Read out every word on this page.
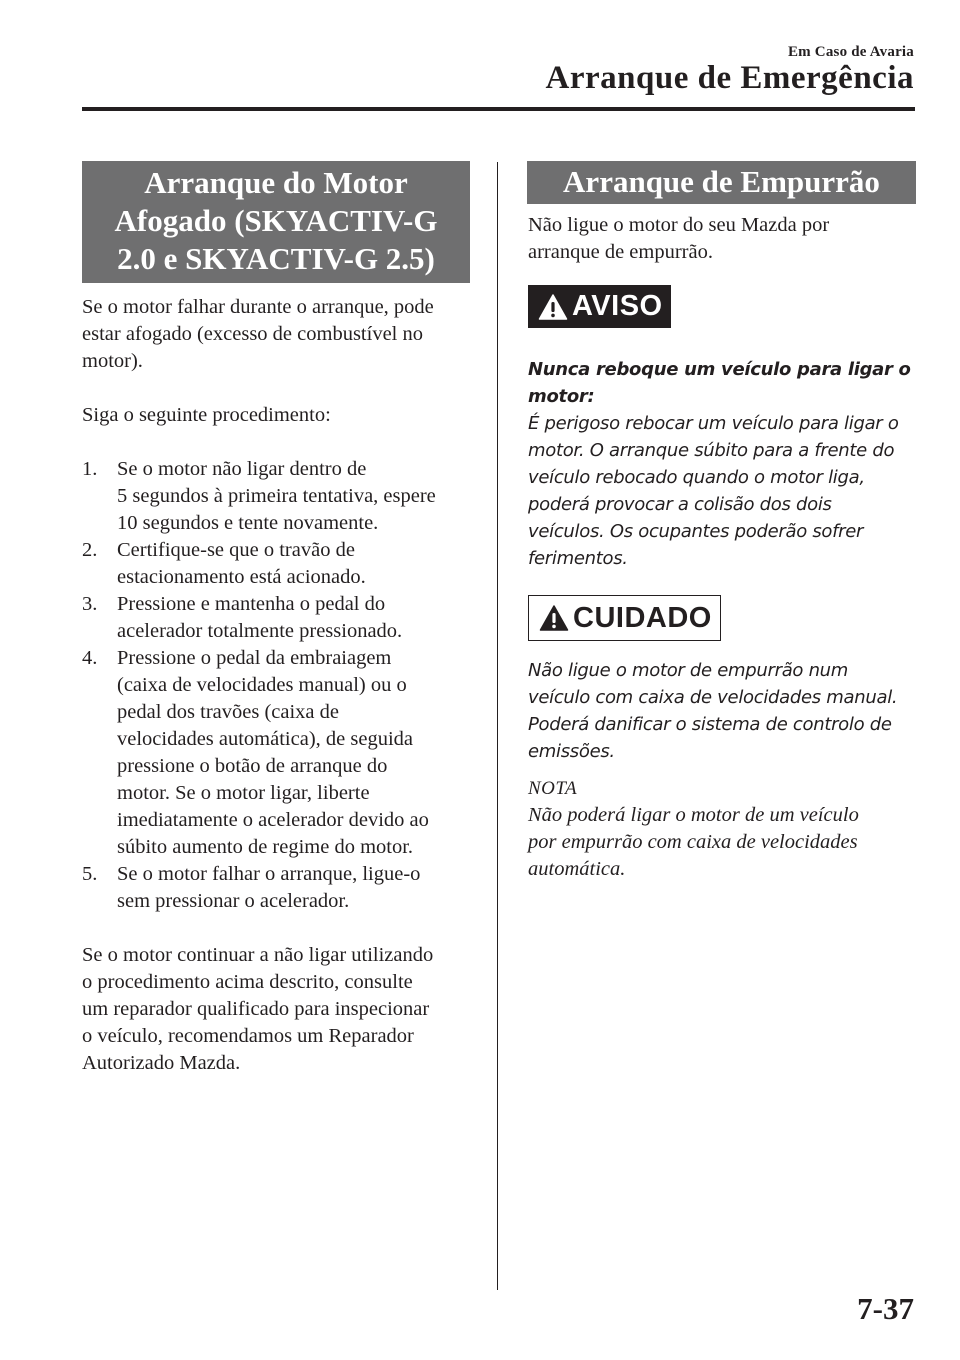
Em Caso de Avaria
Arranque de Emergência
Arranque do Motor
Afogado (SKYACTIV-G
2.0 e SKYACTIV-G 2.5)
Se o motor falhar durante o arranque, pode
estar afogado (excesso de combustível no
motor).
Siga o seguinte procedimento:
1. Se o motor não ligar dentro de
5 segundos à primeira tentativa, espere
10 segundos e tente novamente.
2. Certifique-se que o travão de
estacionamento está acionado.
3. Pressione e mantenha o pedal do
acelerador totalmente pressionado.
4. Pressione o pedal da embraiagem
(caixa de velocidades manual) ou o
pedal dos travões (caixa de
velocidades automática), de seguida
pressione o botão de arranque do
motor. Se o motor ligar, liberte
imediatamente o acelerador devido ao
súbito aumento de regime do motor.
5. Se o motor falhar o arranque, ligue-o
sem pressionar o acelerador.
Se o motor continuar a não ligar utilizando
o procedimento acima descrito, consulte
um reparador qualificado para inspecionar
o veículo, recomendamos um Reparador
Autorizado Mazda.
Arranque de Empurrão
Não ligue o motor do seu Mazda por
arranque de empurrão.
AVISO
Nunca reboque um veículo para ligar o
motor:
É perigoso rebocar um veículo para ligar o
motor. O arranque súbito para a frente do
veículo rebocado quando o motor liga,
poderá provocar a colisão dos dois
veículos. Os ocupantes poderão sofrer
ferimentos.
CUIDADO
Não ligue o motor de empurrão num
veículo com caixa de velocidades manual.
Poderá danificar o sistema de controlo de
emissões.
NOTA
Não poderá ligar o motor de um veículo
por empurrão com caixa de velocidades
automática.
7-37
